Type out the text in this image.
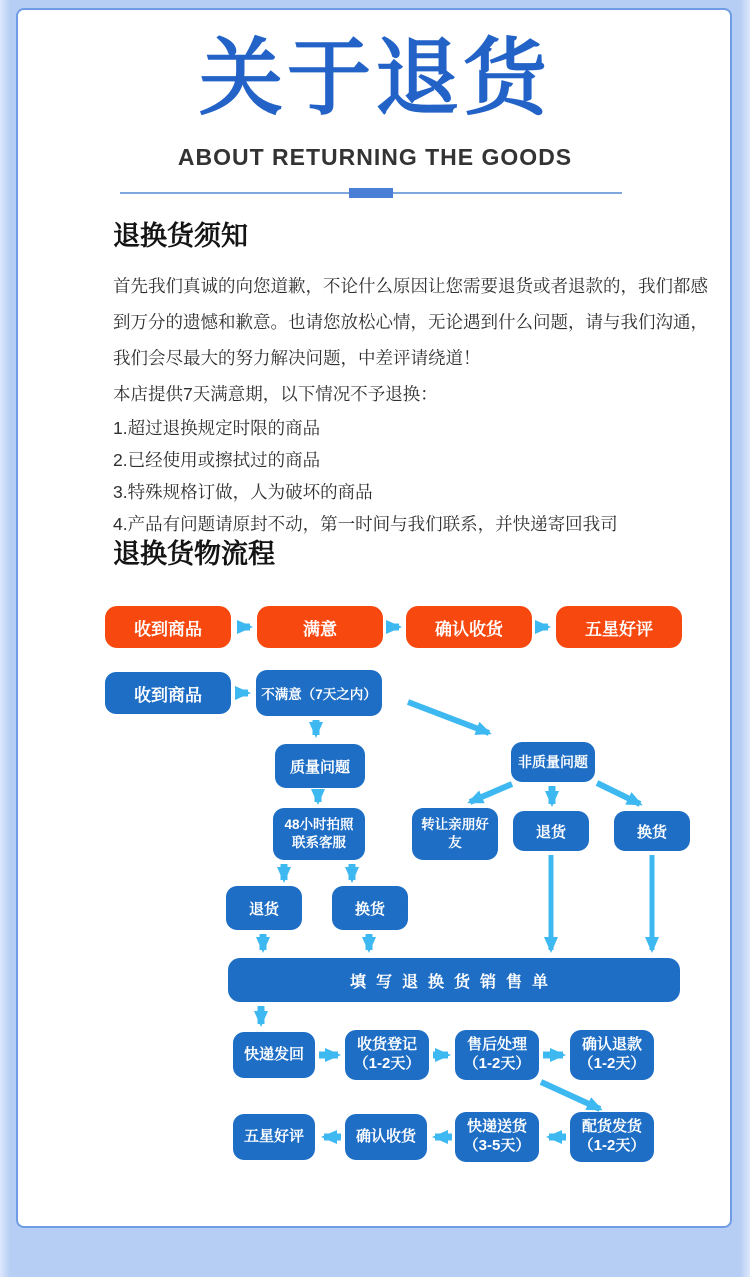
关于退货
ABOUT RETURNING THE GOODS
退换货须知

首先我们真诚的向您道歉，不论什么原因让您需要退货或者退款的，我们都感

到万分的遗憾和歉意。也请您放松心情，无论遇到什么问题，请与我们沟通，

我们会尽最大的努力解决问题，中差评请绕道！

本店提供7天满意期，以下情况不予退换：

1.超过退换规定时限的商品

2.已经使用或擦拭过的商品

3.特殊规格订做，人为破坏的商品

4.产品有问题请原封不动，第一时间与我们联系，并快递寄回我司

退换货物流程
收到商品	满意	确认收货	五星好评
收到商品	不满意（7天之内）
质量问题	非质量问题
48小时拍照
联系客服
转让亲朋好友
退货	换货
退货	换货
填写退换货销售单
快递发回
收货登记
（1-2天）
售后处理
（1-2天）
确认退款
（1-2天）
五星好评	确认收货
快递送货
（3-5天）
配货发货
（1-2天）
